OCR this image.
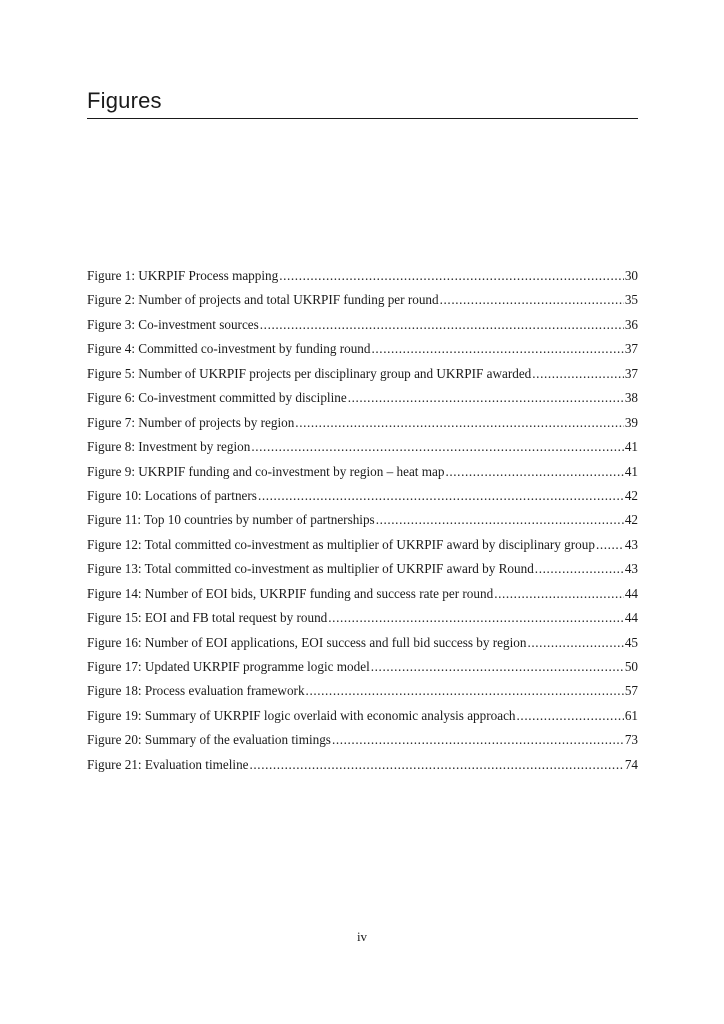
Figures
Figure 1: UKRPIF Process mapping .....	30
Figure 2: Number of projects and total UKRPIF funding per round .....	35
Figure 3: Co-investment sources .....	36
Figure 4: Committed co-investment by funding round .....	37
Figure 5: Number of UKRPIF projects per disciplinary group and UKRPIF awarded .....	37
Figure 6: Co-investment committed by discipline .....	38
Figure 7: Number of projects by region .....	39
Figure 8: Investment by region .....	41
Figure 9: UKRPIF funding and co-investment by region – heat map .....	41
Figure 10: Locations of partners .....	42
Figure 11: Top 10 countries by number of partnerships .....	42
Figure 12: Total committed co-investment as multiplier of UKRPIF award by disciplinary group ..... 43
Figure 13: Total committed co-investment as multiplier of UKRPIF award by Round .....	43
Figure 14: Number of EOI bids, UKRPIF funding and success rate per round .....	44
Figure 15: EOI and FB total request by round .....	44
Figure 16: Number of EOI applications, EOI success and full bid success by region .....	45
Figure 17: Updated UKRPIF programme logic model .....	50
Figure 18: Process evaluation framework .....	57
Figure 19: Summary of UKRPIF logic overlaid with economic analysis approach .....	61
Figure 20: Summary of the evaluation timings .....	73
Figure 21: Evaluation timeline .....	74
iv
